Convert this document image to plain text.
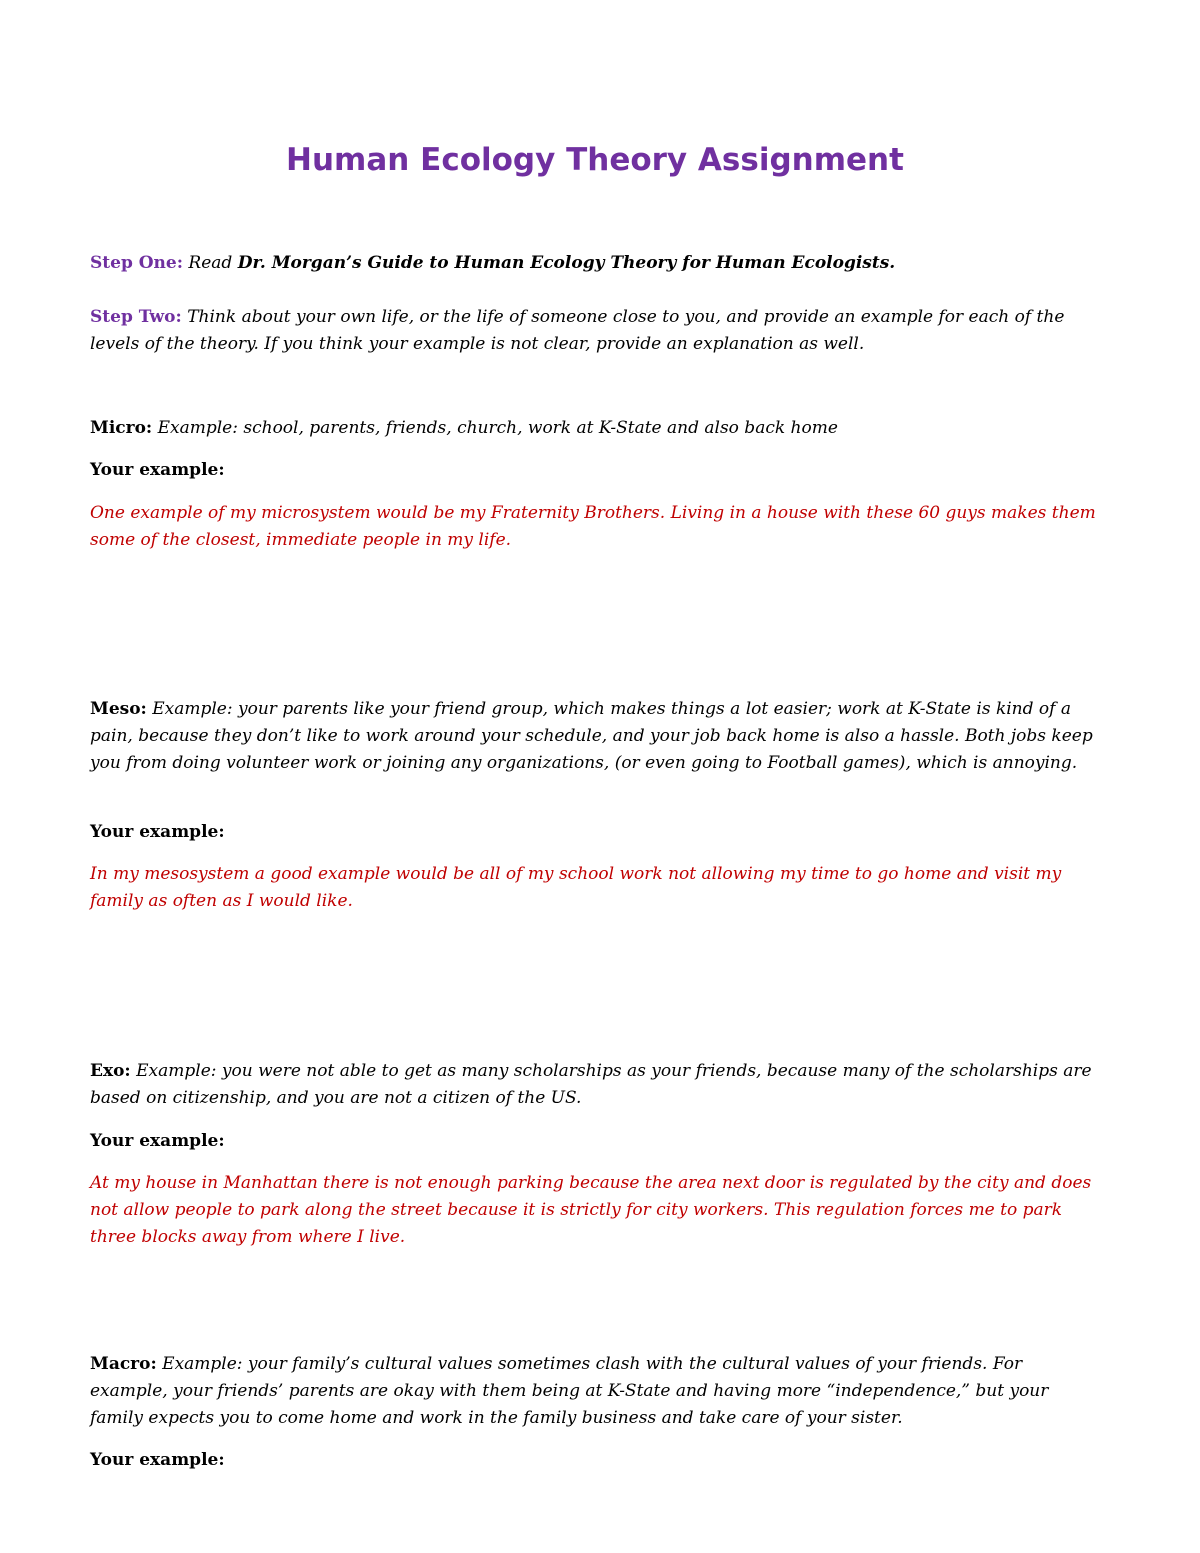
Human Ecology Theory Assignment

Step One: Read Dr. Morgan’s Guide to Human Ecology Theory for Human Ecologists.

Step Two: Think about your own life, or the life of someone close to you, and provide an example for each of the levels of the theory. If you think your example is not clear, provide an explanation as well.

Micro: Example: school, parents, friends, church, work at K-State and also back home

Your example:

One example of my microsystem would be my Fraternity Brothers. Living in a house with these 60 guys makes them some of the closest, immediate people in my life.

Meso: Example: your parents like your friend group, which makes things a lot easier; work at K-State is kind of a pain, because they don’t like to work around your schedule, and your job back home is also a hassle. Both jobs keep you from doing volunteer work or joining any organizations, (or even going to Football games), which is annoying.

Your example:

In my mesosystem a good example would be all of my school work not allowing my time to go home and visit my family as often as I would like.

Exo: Example: you were not able to get as many scholarships as your friends, because many of the scholarships are based on citizenship, and you are not a citizen of the US.

Your example:

At my house in Manhattan there is not enough parking because the area next door is regulated by the city and does not allow people to park along the street because it is strictly for city workers. This regulation forces me to park three blocks away from where I live.

Macro: Example: your family’s cultural values sometimes clash with the cultural values of your friends. For example, your friends’ parents are okay with them being at K-State and having more “independence,” but your family expects you to come home and work in the family business and take care of your sister.

Your example:
